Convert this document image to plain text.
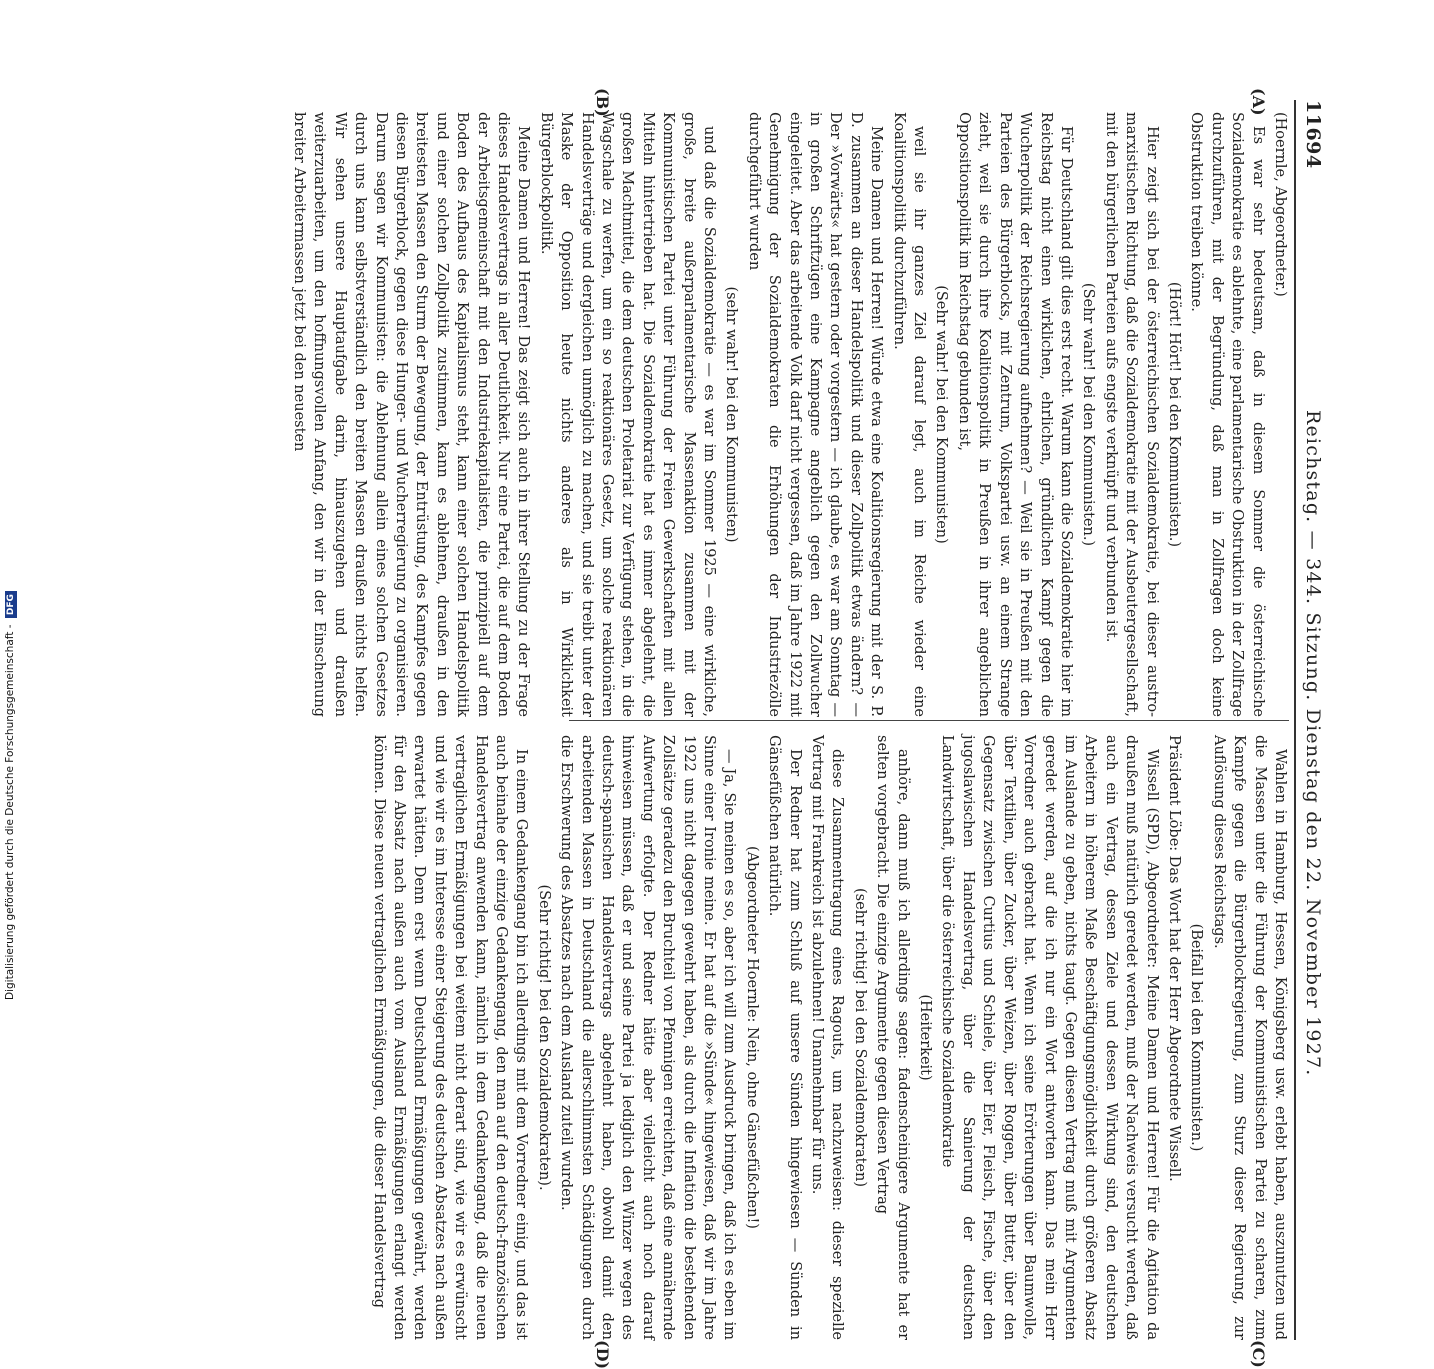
11694
Reichstag. — 344. Sitzung. Dienstag den 22. November 1927.
(A)
(B)
(C)
(D)

(Hoernle, Abgeordneter.)

Es war sehr bedeutsam, daß in diesem Sommer die österreichische Sozialdemokratie es ablehnte, eine parlamentarische Obstruktion in der Zollfrage durchzuführen, mit der Begründung, daß man in Zollfragen doch keine Obstruktion treiben könne.

(Hört! Hört! bei den Kommunisten.)

Hier zeigt sich bei der österreichischen Sozialdemokratie, bei dieser austro-marxistischen Richtung, daß die Sozialdemokratie mit der Ausbeutergesellschaft, mit den bürgerlichen Parteien aufs engste verknüpft und verbunden ist.

(Sehr wahr! bei den Kommunisten.)

Für Deutschland gilt dies erst recht. Warum kann die Sozialdemokratie hier im Reichstag nicht einen wirklichen, ehrlichen, gründlichen Kampf gegen die Wucherpolitik der Reichsregierung aufnehmen? — Weil sie in Preußen mit den Parteien des Bürgerblocks, mit Zentrum, Volkspartei usw. an einem Strange zieht, weil sie durch ihre Koalitionspolitik in Preußen in ihrer angeblichen Oppositionspolitik im Reichstag gebunden ist,

(Sehr wahr! bei den Kommunisten)

weil sie ihr ganzes Ziel darauf legt, auch im Reiche wieder eine Koalitionspolitik durchzuführen.

Meine Damen und Herren! Würde etwa eine Koalitionsregierung mit der S. P. D. zusammen an dieser Handelspolitik und dieser Zollpolitik etwas ändern? — Der »Vorwärts« hat gestern oder vorgestern — ich glaube, es war am Sonntag — in großen Schriftzügen eine Kampagne angeblich gegen den Zollwucher eingeleitet. Aber das arbeitende Volk darf nicht vergessen, daß im Jahre 1922 mit Genehmigung der Sozialdemokraten die Erhöhungen der Industriezölle durchgeführt wurden

(sehr wahr! bei den Kommunisten)

und daß die Sozialdemokratie — es war im Sommer 1925 — eine wirkliche, große, breite außerparlamentarische Massenaktion zusammen mit der Kommunistischen Partei unter Führung der Freien Gewerkschaften mit allen Mitteln hintertrieben hat. Die Sozialdemokratie hat es immer abgelehnt, die großen Machtmittel, die dem deutschen Proletariat zur Verfügung stehen, in die Wagschale zu werfen, um ein so reaktionäres Gesetz, um solche reaktionären Handelsverträge und dergleichen unmöglich zu machen, und sie treibt unter der Maske der Opposition heute nichts anderes als in Wirklichkeit Bürgerblockpolitik.

Meine Damen und Herren! Das zeigt sich auch in ihrer Stellung zu der Frage dieses Handelsvertrags in aller Deutlichkeit. Nur eine Partei, die auf dem Boden der Arbeitsgemeinschaft mit den Industriekapitalisten, die prinzipiell auf dem Boden des Aufbaus des Kapitalismus steht, kann einer solchen Handelspolitik und einer solchen Zollpolitik zustimmen, kann es ablehnen, draußen in den breitesten Massen den Sturm der Bewegung, der Entrüstung, des Kampfes gegen diesen Bürgerblock, gegen diese Hunger- und Wucherregierung zu organisieren. Darum sagen wir Kommunisten: die Ablehnung allein eines solchen Gesetzes durch uns kann selbstverständlich den breiten Massen draußen nichts helfen. Wir sehen unsere Hauptaufgabe darin, hinauszugehen und draußen weiterzuarbeiten, um den hoffnungsvollen Anfang, den wir in der Einschenung breiter Arbeitermassen jetzt bei den neuesten

Wahlen in Hamburg, Hessen, Königsberg usw. erlebt haben, auszunutzen und die Massen unter die Führung der Kommunistischen Partei zu scharen, zum Kampfe gegen die Bürgerblockregierung, zum Sturz dieser Regierung, zur Auflösung dieses Reichstags.

(Beifall bei den Kommunisten.)

Präsident Löbe: Das Wort hat der Herr Abgeordnete Wissell.

Wissell (SPD), Abgeordneter: Meine Damen und Herren! Für die Agitation da draußen muß natürlich geredet werden, muß der Nachweis versucht werden, daß auch ein Vertrag, dessen Ziele und dessen Wirkung sind, den deutschen Arbeitern in höherem Maße Beschäftigungsmöglichkeit durch größeren Absatz im Auslande zu geben, nichts taugt. Gegen diesen Vertrag muß mit Argumenten geredet werden, auf die ich nur ein Wort antworten kann. Das mein Herr Vorredner auch gebracht hat. Wenn ich seine Erörterungen über Baumwolle, über Textilien, über Zucker, über Weizen, über Roggen, über Butter, über den Gegensatz zwischen Curtius und Schiele, über Eier, Fleisch, Fische, über den jugoslawischen Handelsvertrag, über die Sanierung der deutschen Landwirtschaft, über die österreichische Sozialdemokratie

(Heiterkeit)

anhöre, dann muß ich allerdings sagen: fadenscheinigere Argumente hat er selten vorgebracht. Die einzige Argumente gegen diesen Vertrag

(sehr richtig! bei den Sozialdemokraten)

diese Zusammentragung eines Ragouts, um nachzuweisen: dieser spezielle Vertrag mit Frankreich ist abzulehnen! Unannehmbar für uns.

Der Redner hat zum Schluß auf unsere Sünden hingewiesen — Sünden in Gänsefüßchen natürlich.

(Abgeordneter Hoernle: Nein, ohne Gänsefüßchen!)

— Ja, Sie meinen es so, aber ich will zum Ausdruck bringen, daß ich es eben im Sinne einer Ironie meine. Er hat auf die »Sünde« hingewiesen, daß wir im Jahre 1922 uns nicht dagegen gewehrt haben, als durch die Inflation die bestehenden Zollsätze geradezu den Bruchteil von Pfennigen erreichten, daß eine annähernde Aufwertung erfolgte. Der Redner hätte aber vielleicht auch noch darauf hinweisen müssen, daß er und seine Partei ja lediglich den Winzer wegen des deutsch-spanischen Handelsvertrags abgelehnt haben, obwohl damit den arbeitenden Massen in Deutschland die allerschlimmsten Schädigungen durch die Erschwerung des Absatzes nach dem Ausland zuteil wurden.

(Sehr richtig! bei den Sozialdemokraten).

In einem Gedankengang bin ich allerdings mit dem Vorredner einig, und das ist auch beinahe der einzige Gedankengang, den man auf den deutsch-französischen Handelsvertrag anwenden kann, nämlich in dem Gedankengang, daß die neuen vertraglichen Ermäßigungen bei weitem nicht derart sind, wie wir es erwünscht und wie wir es im Interesse einer Steigerung des deutschen Absatzes nach außen erwartet hätten. Denn erst wenn Deutschland Ermäßigungen gewährt, werden für den Absatz nach außen auch vom Ausland Ermäßigungen erlangt werden können. Diese neuen vertraglichen Ermäßigungen, die dieser Handelsvertrag

Digitalisierung gefördert durch die Deutsche Forschungsgemeinschaft - DFG
